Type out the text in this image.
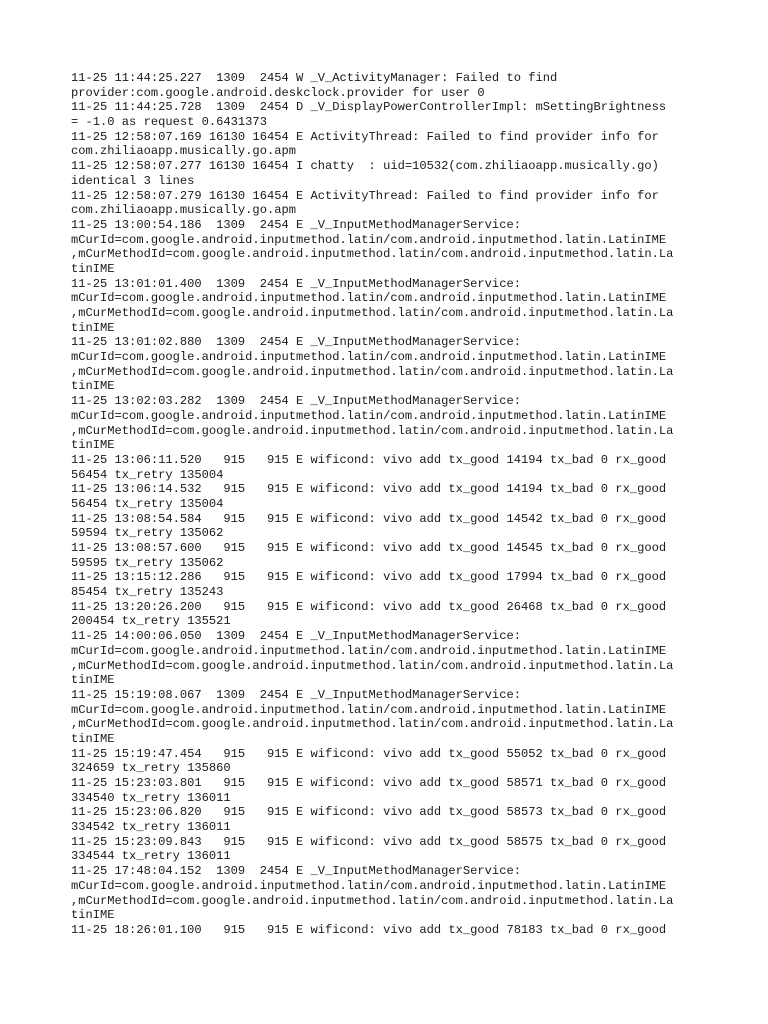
11-25 11:44:25.227  1309  2454 W _V_ActivityManager: Failed to find
provider:com.google.android.deskclock.provider for user 0
11-25 11:44:25.728  1309  2454 D _V_DisplayPowerControllerImpl: mSettingBrightness
= -1.0 as request 0.6431373
11-25 12:58:07.169 16130 16454 E ActivityThread: Failed to find provider info for
com.zhiliaoapp.musically.go.apm
11-25 12:58:07.277 16130 16454 I chatty  : uid=10532(com.zhiliaoapp.musically.go)
identical 3 lines
11-25 12:58:07.279 16130 16454 E ActivityThread: Failed to find provider info for
com.zhiliaoapp.musically.go.apm
11-25 13:00:54.186  1309  2454 E _V_InputMethodManagerService:
mCurId=com.google.android.inputmethod.latin/com.android.inputmethod.latin.LatinIME
,mCurMethodId=com.google.android.inputmethod.latin/com.android.inputmethod.latin.La
tinIME
11-25 13:01:01.400  1309  2454 E _V_InputMethodManagerService:
mCurId=com.google.android.inputmethod.latin/com.android.inputmethod.latin.LatinIME
,mCurMethodId=com.google.android.inputmethod.latin/com.android.inputmethod.latin.La
tinIME
11-25 13:01:02.880  1309  2454 E _V_InputMethodManagerService:
mCurId=com.google.android.inputmethod.latin/com.android.inputmethod.latin.LatinIME
,mCurMethodId=com.google.android.inputmethod.latin/com.android.inputmethod.latin.La
tinIME
11-25 13:02:03.282  1309  2454 E _V_InputMethodManagerService:
mCurId=com.google.android.inputmethod.latin/com.android.inputmethod.latin.LatinIME
,mCurMethodId=com.google.android.inputmethod.latin/com.android.inputmethod.latin.La
tinIME
11-25 13:06:11.520   915   915 E wificond: vivo add tx_good 14194 tx_bad 0 rx_good
56454 tx_retry 135004
11-25 13:06:14.532   915   915 E wificond: vivo add tx_good 14194 tx_bad 0 rx_good
56454 tx_retry 135004
11-25 13:08:54.584   915   915 E wificond: vivo add tx_good 14542 tx_bad 0 rx_good
59594 tx_retry 135062
11-25 13:08:57.600   915   915 E wificond: vivo add tx_good 14545 tx_bad 0 rx_good
59595 tx_retry 135062
11-25 13:15:12.286   915   915 E wificond: vivo add tx_good 17994 tx_bad 0 rx_good
85454 tx_retry 135243
11-25 13:20:26.200   915   915 E wificond: vivo add tx_good 26468 tx_bad 0 rx_good
200454 tx_retry 135521
11-25 14:00:06.050  1309  2454 E _V_InputMethodManagerService:
mCurId=com.google.android.inputmethod.latin/com.android.inputmethod.latin.LatinIME
,mCurMethodId=com.google.android.inputmethod.latin/com.android.inputmethod.latin.La
tinIME
11-25 15:19:08.067  1309  2454 E _V_InputMethodManagerService:
mCurId=com.google.android.inputmethod.latin/com.android.inputmethod.latin.LatinIME
,mCurMethodId=com.google.android.inputmethod.latin/com.android.inputmethod.latin.La
tinIME
11-25 15:19:47.454   915   915 E wificond: vivo add tx_good 55052 tx_bad 0 rx_good
324659 tx_retry 135860
11-25 15:23:03.801   915   915 E wificond: vivo add tx_good 58571 tx_bad 0 rx_good
334540 tx_retry 136011
11-25 15:23:06.820   915   915 E wificond: vivo add tx_good 58573 tx_bad 0 rx_good
334542 tx_retry 136011
11-25 15:23:09.843   915   915 E wificond: vivo add tx_good 58575 tx_bad 0 rx_good
334544 tx_retry 136011
11-25 17:48:04.152  1309  2454 E _V_InputMethodManagerService:
mCurId=com.google.android.inputmethod.latin/com.android.inputmethod.latin.LatinIME
,mCurMethodId=com.google.android.inputmethod.latin/com.android.inputmethod.latin.La
tinIME
11-25 18:26:01.100   915   915 E wificond: vivo add tx_good 78183 tx_bad 0 rx_good
